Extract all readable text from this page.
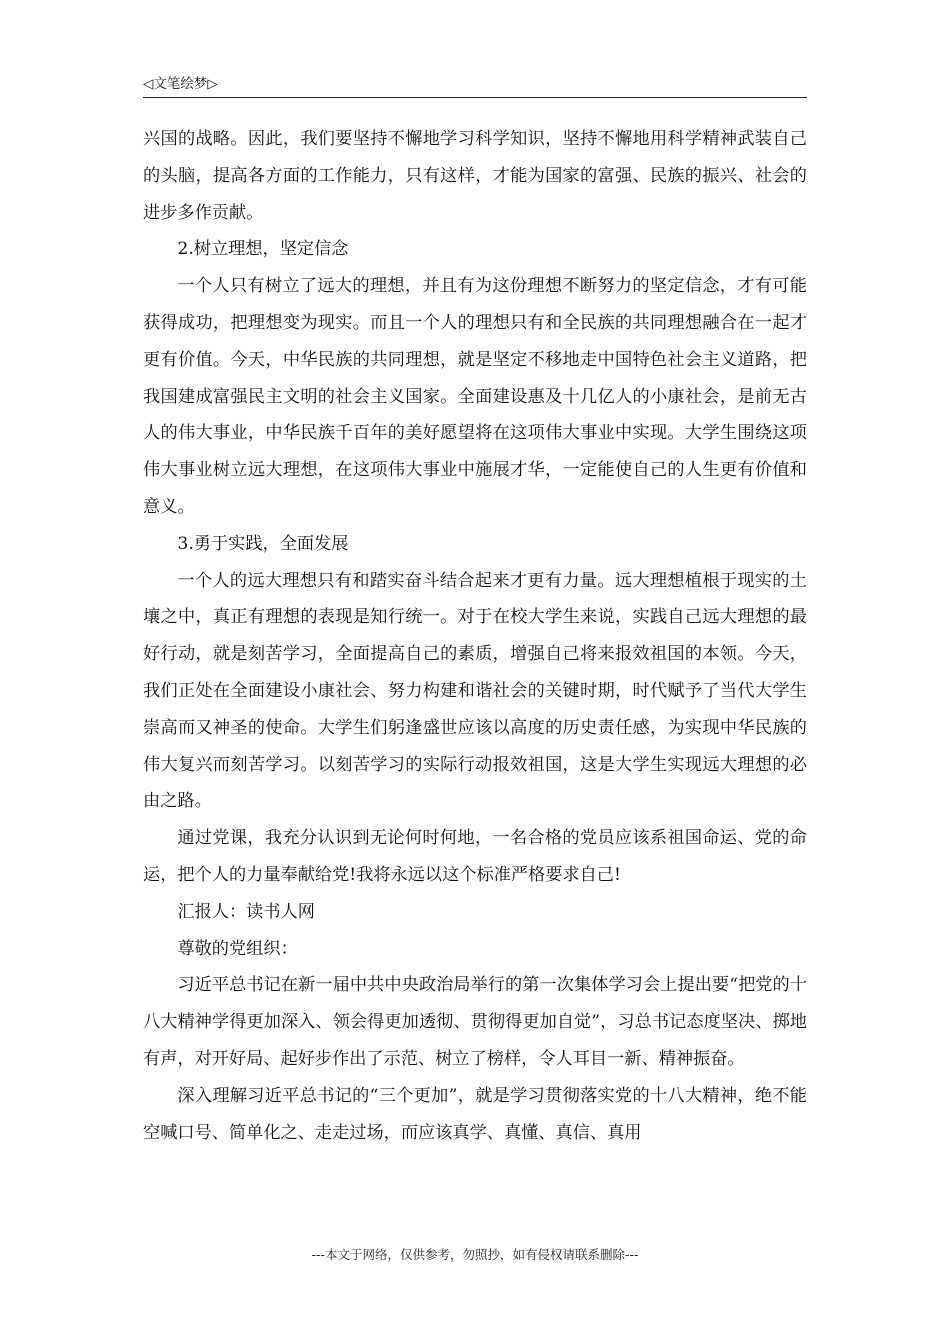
◁文笔绘梦▷

兴国的战略。因此，我们要坚持不懈地学习科学知识，坚持不懈地用科学精神武装自己的头脑，提高各方面的工作能力，只有这样，才能为国家的富强、民族的振兴、社会的进步多作贡献。

2.树立理想，坚定信念

一个人只有树立了远大的理想，并且有为这份理想不断努力的坚定信念，才有可能获得成功，把理想变为现实。而且一个人的理想只有和全民族的共同理想融合在一起才更有价值。今天，中华民族的共同理想，就是坚定不移地走中国特色社会主义道路，把我国建成富强民主文明的社会主义国家。全面建设惠及十几亿人的小康社会，是前无古人的伟大事业，中华民族千百年的美好愿望将在这项伟大事业中实现。大学生围绕这项伟大事业树立远大理想，在这项伟大事业中施展才华，一定能使自己的人生更有价值和意义。

3.勇于实践，全面发展

一个人的远大理想只有和踏实奋斗结合起来才更有力量。远大理想植根于现实的土壤之中，真正有理想的表现是知行统一。对于在校大学生来说，实践自己远大理想的最好行动，就是刻苦学习，全面提高自己的素质，增强自己将来报效祖国的本领。今天，我们正处在全面建设小康社会、努力构建和谐社会的关键时期，时代赋予了当代大学生崇高而又神圣的使命。大学生们躬逢盛世应该以高度的历史责任感，为实现中华民族的伟大复兴而刻苦学习。以刻苦学习的实际行动报效祖国，这是大学生实现远大理想的必由之路。

通过党课，我充分认识到无论何时何地，一名合格的党员应该系祖国命运、党的命运，把个人的力量奉献给党!我将永远以这个标准严格要求自己!

汇报人：读书人网

尊敬的党组织：

习近平总书记在新一届中共中央政治局举行的第一次集体学习会上提出要“把党的十八大精神学得更加深入、领会得更加透彻、贯彻得更加自觉”，习总书记态度坚决、掷地有声，对开好局、起好步作出了示范、树立了榜样，令人耳目一新、精神振奋。

深入理解习近平总书记的“三个更加”，就是学习贯彻落实党的十八大精神，绝不能空喊口号、简单化之、走走过场，而应该真学、真懂、真信、真用

---本文于网络，仅供参考，勿照抄，如有侵权请联系删除---
